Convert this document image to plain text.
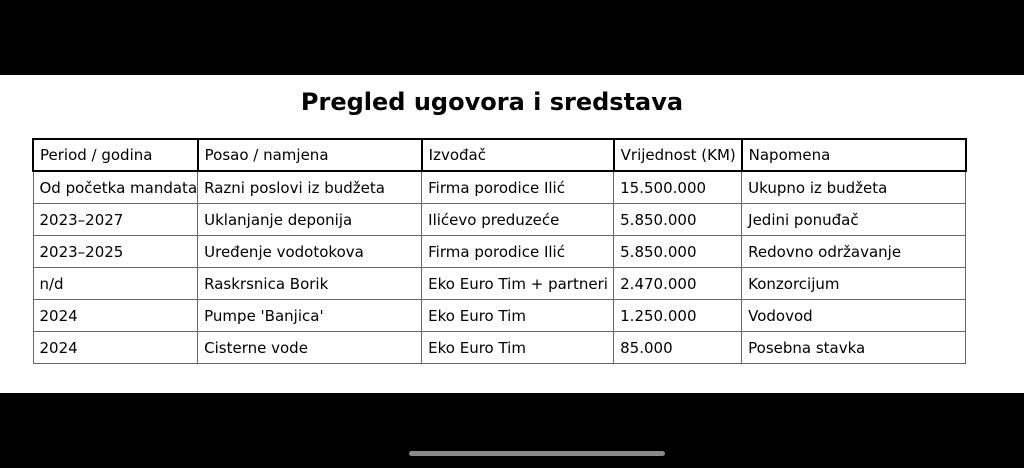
Pregled ugovora i sredstava
Period / godina	Posao / namjena	Izvođač	Vrijednost (KM)	Napomena
Od početka mandata	Razni poslovi iz budžeta	Firma porodice Ilić	15.500.000	Ukupno iz budžeta
2023–2027	Uklanjanje deponija	Ilićevo preduzeće	5.850.000	Jedini ponuđač
2023–2025	Uređenje vodotokova	Firma porodice Ilić	5.850.000	Redovno održavanje
n/d	Raskrsnica Borik	Eko Euro Tim + partneri	2.470.000	Konzorcijum
2024	Pumpe 'Banjica'	Eko Euro Tim	1.250.000	Vodovod
2024	Cisterne vode	Eko Euro Tim	85.000	Posebna stavka
